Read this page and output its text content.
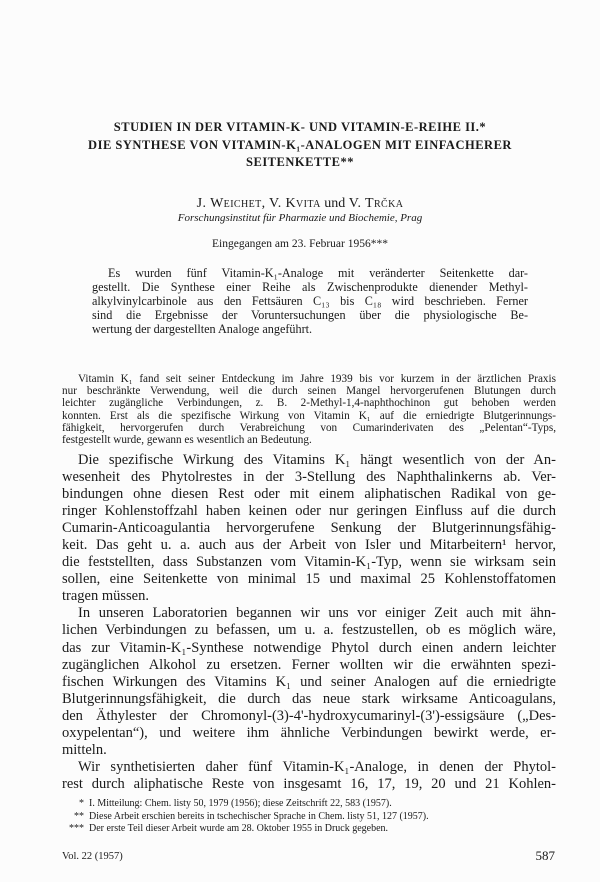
STUDIEN IN DER VITAMIN-K- UND VITAMIN-E-REIHE II.*
DIE SYNTHESE VON VITAMIN-K₁-ANALOGEN MIT EINFACHERER
SEITENKETTE**
J. Weichet, V. Kvita und V. Trčka
Forschungsinstitut für Pharmazie und Biochemie, Prag
Eingegangen am 23. Februar 1956***
Es wurden fünf Vitamin-K₁-Analoge mit veränderter Seitenkette dar-
gestellt. Die Synthese einer Reihe als Zwischenprodukte dienender Methyl-
alkylvinylcarbinole aus den Fettsäuren C₁₃ bis C₁₈ wird beschrieben. Ferner
sind die Ergebnisse der Voruntersuchungen über die physiologische Be-
wertung der dargestellten Analoge angeführt.
Vitamin K₁ fand seit seiner Entdeckung im Jahre 1939 bis vor kurzem in der ärztlichen Praxis
nur beschränkte Verwendung, weil die durch seinen Mangel hervorgerufenen Blutungen durch
leichter zugängliche Verbindungen, z. B. 2-Methyl-1,4-naphthochinon gut behoben werden
konnten. Erst als die spezifische Wirkung von Vitamin K₁ auf die erniedrigte Blutgerinnungs-
fähigkeit, hervorgerufen durch Verabreichung von Cumarinderivaten des „Pelentan“-Typs,
festgestellt wurde, gewann es wesentlich an Bedeutung.
Die spezifische Wirkung des Vitamins K₁ hängt wesentlich von der An-
wesenheit des Phytolrestes in der 3-Stellung des Naphthalinkerns ab. Ver-
bindungen ohne diesen Rest oder mit einem aliphatischen Radikal von ge-
ringer Kohlenstoffzahl haben keinen oder nur geringen Einfluss auf die durch
Cumarin-Anticoagulantia hervorgerufene Senkung der Blutgerinnungsfähig-
keit. Das geht u. a. auch aus der Arbeit von Isler und Mitarbeitern¹ hervor,
die feststellten, dass Substanzen vom Vitamin-K₁-Typ, wenn sie wirksam sein
sollen, eine Seitenkette von minimal 15 und maximal 25 Kohlenstoffatomen
tragen müssen.
In unseren Laboratorien begannen wir uns vor einiger Zeit auch mit ähn-
lichen Verbindungen zu befassen, um u. a. festzustellen, ob es möglich wäre,
das zur Vitamin-K₁-Synthese notwendige Phytol durch einen andern leichter
zugänglichen Alkohol zu ersetzen. Ferner wollten wir die erwähnten spezi-
fischen Wirkungen des Vitamins K₁ und seiner Analogen auf die erniedrigte
Blutgerinnungsfähigkeit, die durch das neue stark wirksame Anticoagulans,
den Äthylester der Chromonyl-(3)-4'-hydroxycumarinyl-(3')-essigsäure („Des-
oxypelentan“), und weitere ihm ähnliche Verbindungen bewirkt werde, er-
mitteln.
Wir synthetisierten daher fünf Vitamin-K₁-Analoge, in denen der Phytol-
rest durch aliphatische Reste von insgesamt 16, 17, 19, 20 und 21 Kohlen-
* I. Mitteilung: Chem. listy 50, 1979 (1956); diese Zeitschrift 22, 583 (1957).
** Diese Arbeit erschien bereits in tschechischer Sprache in Chem. listy 51, 127 (1957).
*** Der erste Teil dieser Arbeit wurde am 28. Oktober 1955 in Druck gegeben.
Vol. 22 (1957)	587
